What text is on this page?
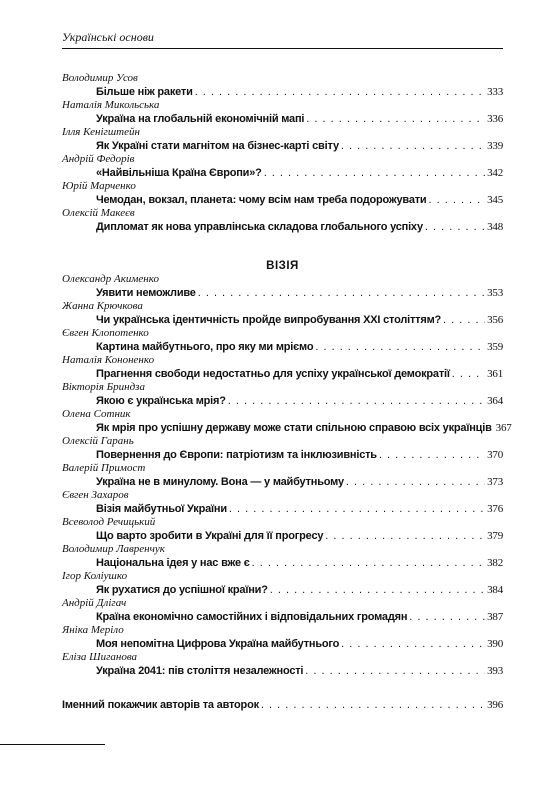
Українські основи
Володимир Усов
Більше ніж ракети . . .	333
Наталія Микольська
Україна на глобальній економічній мапі . . .	336
Ілля Кенігштейн
Як Україні стати магнітом на бізнес-карті світу . . .	339
Андрій Федорів
«Найвільніша Країна Європи»? . . .	342
Юрій Марченко
Чемодан, вокзал, планета: чому всім нам треба подорожувати . . .	345
Олексій Макеєв
Дипломат як нова управлінська складова глобального успіху . . .	348
ВІЗІЯ
Олександр Акименко
Уявити неможливе . . .	353
Жанна Крючкова
Чи українська ідентичність пройде випробування XXI століттям? . . .	356
Євген Клопотенко
Картина майбутнього, про яку ми мріємо . . .	359
Наталія Кононенко
Прагнення свободи недостатньо для успіху української демократії . . .	361
Вікторія Бриндза
Якою є українська мрія? . . .	364
Олена Сотник
Як мрія про успішну державу може стати спільною справою всіх українців 367
Олексій Гарань
Повернення до Європи: патріотизм та інклюзивність . . .	370
Валерій Примост
Україна не в минулому. Вона — у майбутньому . . .	373
Євген Захаров
Візія майбутньої України . . .	376
Всеволод Речицький
Що варто зробити в Україні для її прогресу . . .	379
Володимир Лавренчук
Національна ідея у нас вже є . . .	382
Ігор Коліушко
Як рухатися до успішної країни? . . .	384
Андрій Длігач
Країна економічно самостійних і відповідальних громадян . . .	387
Яніка Меріло
Моя непомітна Цифрова Україна майбутнього . . .	390
Еліза Шиганова
Україна 2041: пів століття незалежності . . .	393
Іменний покажчик авторів та авторок . . .	396
